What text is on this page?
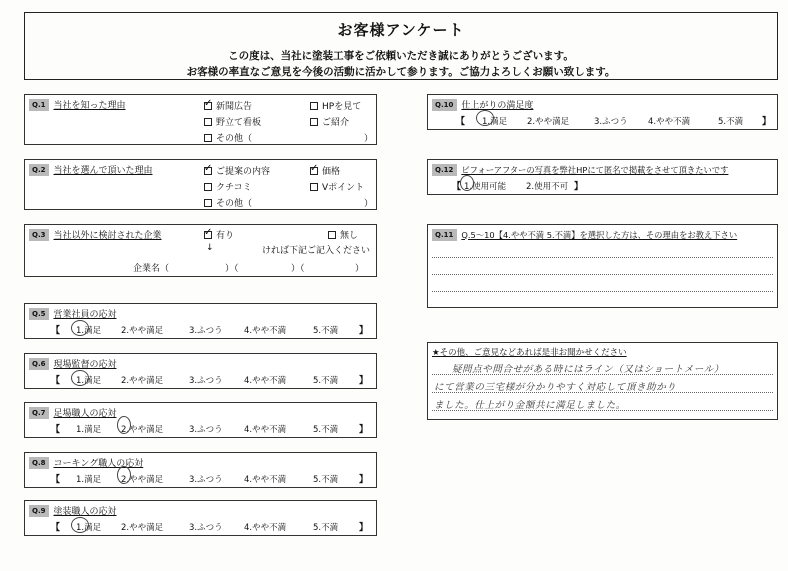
お客様アンケート
この度は、当社に塗装工事をご依頼いただき誠にありがとうございます。
お客様の率直なご意見を今後の活動に活かして参ります。ご協力よろしくお願い致します。
Q.1 当社を知った理由 ✓	新聞広告	HPを見て
野立て看板	ご紹介
その他（	）
Q.2 当社を選んで頂いた理由 ✓	ご提案の内容 ✓	価格
クチコミ	Vポイント
その他（	）
Q.3 当社以外に検討された企業 ✓	有り	無し
↓	ければ下記ご記入ください
企業名（	）（	）（	）
Q.5 営業社員の応対
【 1.満足 2.やや満足	3.ふつう	4.やや不満	5.不満 】
Q.6 現場監督の応対
【 1.満足 2.やや満足	3.ふつう	4.やや不満	5.不満 】
Q.7 足場職人の応対
【 1.満足 2.やや満足	3.ふつう	4.やや不満	5.不満 】
Q.8 コーキング職人の応対
【 1.満足 2.やや満足	3.ふつう	4.やや不満	5.不満 】
Q.9 塗装職人の応対
【 1.満足 2.やや満足	3.ふつう	4.やや不満	5.不満 】
Q.10 仕上がりの満足度
【 1.満足 2.やや満足	3.ふつう 4.やや不満	5.不満 】
Q.12 ビフォーアフターの写真を弊社HPにて匿名で掲載をさせて頂きたいです
【 1.使用可能 2.使用不可 】
Q.11 Q.5～10【4.やや不満 5.不満】を選択した方は、その理由をお教え下さい
★その他、ご意見などあれば是非お聞かせください
疑問点や問合せがある時にはライン（又はショートメール）
にて営業の三宅様が分かりやすく対応して頂き助かり
ました。仕上がり金額共に満足しました。
